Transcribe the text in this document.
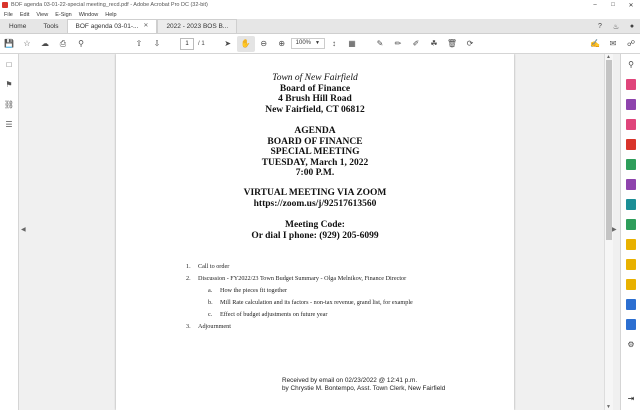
BOF agenda 03-01-22-special meeting_recd.pdf - Adobe Acrobat Pro DC (32-bit)	–	□	✕
File Edit View E-Sign Window Help
Home	Tools	BOF agenda 03-01-... ✕	2022 - 2023 BOS B...	?	♨	●
💾	☆	☁	⎙	⚲	⇧	⇩	1	/ 1	➤	✋	⊖	⊕	100% ▼	↕	▦	✎	✏	✐	☘	🗑	⟳	✍	✉	☍
□
⚑
⛓
☰
◀
Town of New Fairfield
Board of Finance
4 Brush Hill Road
New Fairfield, CT 06812
AGENDA
BOARD OF FINANCE
SPECIAL MEETING
TUESDAY, March 1, 2022
7:00 P.M.
VIRTUAL MEETING VIA ZOOM
https://zoom.us/j/92517613560
Meeting Code:
Or dial I phone: (929) 205-6099
1.	Call to order
2.	Discussion - FY2022/23 Town Budget Summary - Olga Melnikov, Finance Director
a.	How the pieces fit together
b.	Mill Rate calculation and its factors - non-tax revenue, grand list, for example
c.	Effect of budget adjustments on future year
3.	Adjournment
Received by email on 02/23/2022 @ 12:41 p.m.
by Chrystie M. Bontempo, Asst. Town Clerk, New Fairfield
▲
▼
▶
⚲
⚙
⇥
